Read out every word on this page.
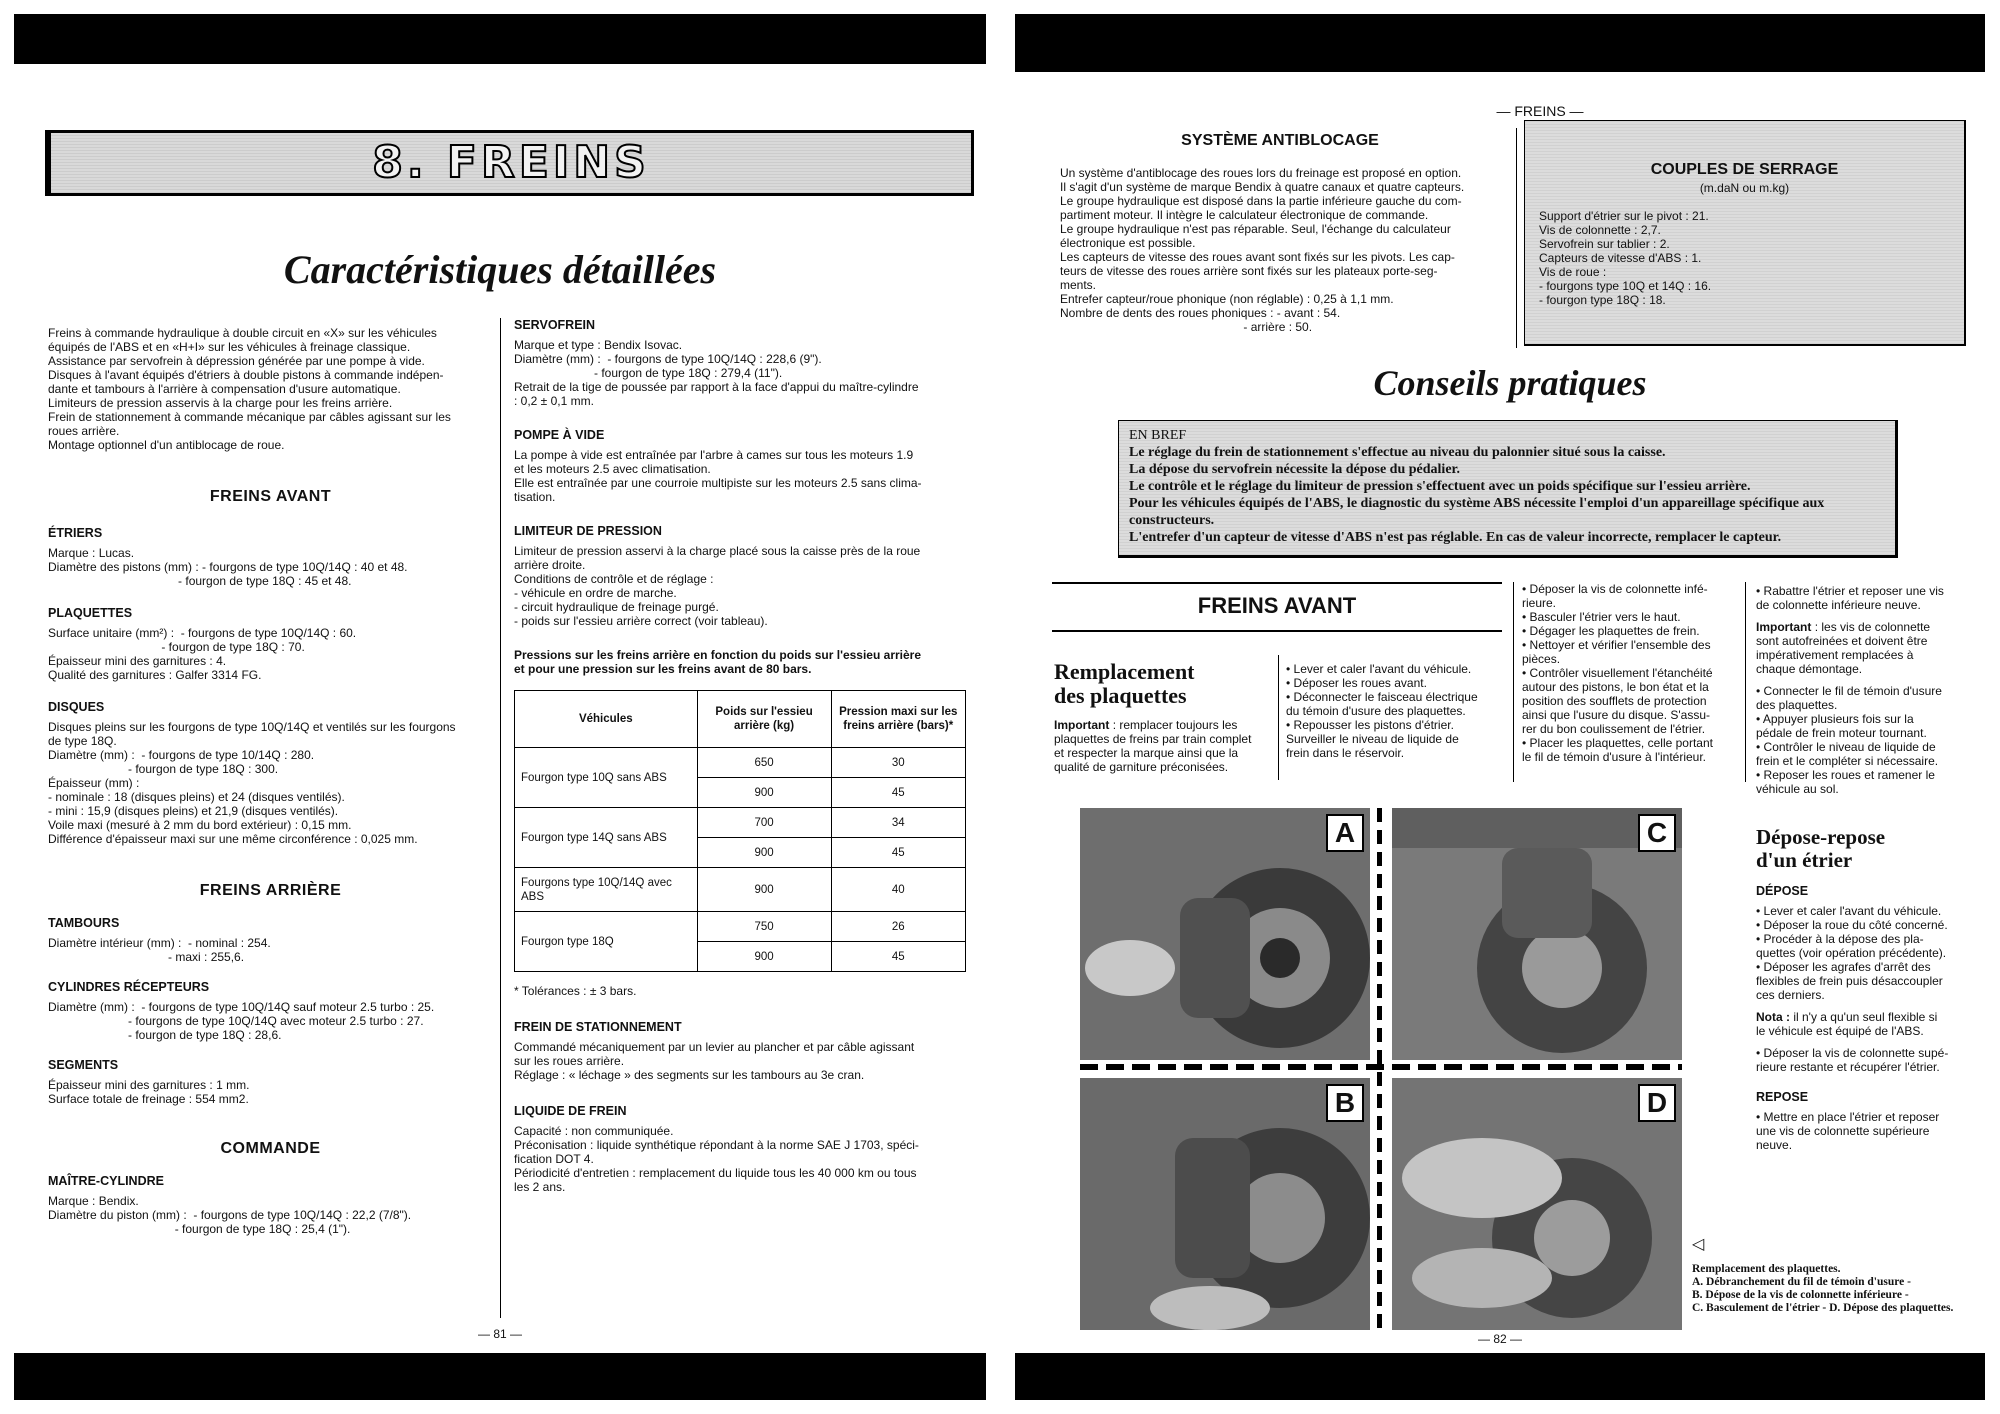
8. FREINS
Caractéristiques détaillées

Freins à commande hydraulique à double circuit en «X» sur les véhicules

équipés de l'ABS et en «H+I» sur les véhicules à freinage classique.

Assistance par servofrein à dépression générée par une pompe à vide.

Disques à l'avant équipés d'étriers à double pistons à commande indépen-

dante et tambours à l'arrière à compensation d'usure automatique.

Limiteurs de pression asservis à la charge pour les freins arrière.

Frein de stationnement à commande mécanique par câbles agissant sur les

roues arrière.

Montage optionnel d'un antiblocage de roue.

FREINS AVANT
ÉTRIERS

Marque : Lucas.

Diamètre des pistons (mm) : - fourgons de type 10Q/14Q : 40 et 48.

- fourgon de type 18Q : 45 et 48.

PLAQUETTES

Surface unitaire (mm²) :  - fourgons de type 10Q/14Q : 60.

- fourgon de type 18Q : 70.

Épaisseur mini des garnitures : 4.

Qualité des garnitures : Galfer 3314 FG.

DISQUES

Disques pleins sur les fourgons de type 10Q/14Q et ventilés sur les fourgons

de type 18Q.

Diamètre (mm) :  - fourgons de type 10/14Q : 280.

- fourgon de type 18Q : 300.

Épaisseur (mm) :

- nominale : 18 (disques pleins) et 24 (disques ventilés).

- mini : 15,9 (disques pleins) et 21,9 (disques ventilés).

Voile maxi (mesuré à 2 mm du bord extérieur) : 0,15 mm.

Différence d'épaisseur maxi sur une même circonférence : 0,025 mm.

FREINS ARRIÈRE
TAMBOURS

Diamètre intérieur (mm) :  - nominal : 254.

- maxi : 255,6.

CYLINDRES RÉCEPTEURS

Diamètre (mm) :  - fourgons de type 10Q/14Q sauf moteur 2.5 turbo : 25.

- fourgons de type 10Q/14Q avec moteur 2.5 turbo : 27.

- fourgon de type 18Q : 28,6.

SEGMENTS

Épaisseur mini des garnitures : 1 mm.

Surface totale de freinage : 554 mm2.

COMMANDE
MAÎTRE-CYLINDRE

Marque : Bendix.

Diamètre du piston (mm) :  - fourgons de type 10Q/14Q : 22,2 (7/8").

- fourgon de type 18Q : 25,4 (1").

SERVOFREIN

Marque et type : Bendix Isovac.

Diamètre (mm) :  - fourgons de type 10Q/14Q : 228,6 (9").

- fourgon de type 18Q : 279,4 (11").

Retrait de la tige de poussée par rapport à la face d'appui du maître-cylindre

: 0,2 ± 0,1 mm.

POMPE À VIDE

La pompe à vide est entraînée par l'arbre à cames sur tous les moteurs 1.9

et les moteurs 2.5 avec climatisation.

Elle est entraînée par une courroie multipiste sur les moteurs 2.5 sans clima-

tisation.

LIMITEUR DE PRESSION

Limiteur de pression asservi à la charge placé sous la caisse près de la roue

arrière droite.

Conditions de contrôle et de réglage :

- véhicule en ordre de marche.

- circuit hydraulique de freinage purgé.

- poids sur l'essieu arrière correct (voir tableau).

Pressions sur les freins arrière en fonction du poids sur l'essieu arrière

et pour une pression sur les freins avant de 80 bars.

Véhicules	Poids sur l'essieu arrière (kg)	Pression maxi sur les freins arrière (bars)*
Fourgon type 10Q sans ABS	650	30
	900	45
Fourgon type 14Q sans ABS	700	34
	900	45
Fourgons type 10Q/14Q avec ABS	900	40
Fourgon type 18Q	750	26
	900	45

* Tolérances : ± 3 bars.

FREIN DE STATIONNEMENT

Commandé mécaniquement par un levier au plancher et par câble agissant

sur les roues arrière.

Réglage : « léchage » des segments sur les tambours au 3e cran.

LIQUIDE DE FREIN

Capacité : non communiquée.

Préconisation : liquide synthétique répondant à la norme SAE J 1703, spéci-

fication DOT 4.

Périodicité d'entretien : remplacement du liquide tous les 40 000 km ou tous

les 2 ans.

— 81 —
— FREINS —
SYSTÈME ANTIBLOCAGE

Un système d'antiblocage des roues lors du freinage est proposé en option.

Il s'agit d'un système de marque Bendix à quatre canaux et quatre capteurs.

Le groupe hydraulique est disposé dans la partie inférieure gauche du com-

partiment moteur. Il intègre le calculateur électronique de commande.

Le groupe hydraulique n'est pas réparable. Seul, l'échange du calculateur

électronique est possible.

Les capteurs de vitesse des roues avant sont fixés sur les pivots. Les cap-

teurs de vitesse des roues arrière sont fixés sur les plateaux porte-seg-

ments.

Entrefer capteur/roue phonique (non réglable) : 0,25 à 1,1 mm.

Nombre de dents des roues phoniques : - avant : 54.

- arrière : 50.

COUPLES DE SERRAGE
(m.daN ou m.kg)

Support d'étrier sur le pivot : 21.

Vis de colonnette : 2,7.

Servofrein sur tablier : 2.

Capteurs de vitesse d'ABS : 1.

Vis de roue :

- fourgons type 10Q et 14Q : 16.

- fourgon type 18Q : 18.

Conseils pratiques

EN BREF

Le réglage du frein de stationnement s'effectue au niveau du palonnier situé sous la caisse.

La dépose du servofrein nécessite la dépose du pédalier.

Le contrôle et le réglage du limiteur de pression s'effectuent avec un poids spécifique sur l'essieu arrière.

Pour les véhicules équipés de l'ABS, le diagnostic du système ABS nécessite l'emploi d'un appareillage spécifique aux

constructeurs.

L'entrefer d'un capteur de vitesse d'ABS n'est pas réglable. En cas de valeur incorrecte, remplacer le capteur.

FREINS AVANT

Remplacement

des plaquettes

Important : remplacer toujours les

plaquettes de freins par train complet

et respecter la marque ainsi que la

qualité de garniture préconisées.

• Lever et caler l'avant du véhicule.

• Déposer les roues avant.

• Déconnecter le faisceau électrique

du témoin d'usure des plaquettes.

• Repousser les pistons d'étrier.

Surveiller le niveau de liquide de

frein dans le réservoir.

• Déposer la vis de colonnette infé-

rieure.

• Basculer l'étrier vers le haut.

• Dégager les plaquettes de frein.

• Nettoyer et vérifier l'ensemble des

pièces.

• Contrôler visuellement l'étanchéité

autour des pistons, le bon état et la

position des soufflets de protection

ainsi que l'usure du disque. S'assu-

rer du bon coulissement de l'étrier.

• Placer les plaquettes, celle portant

le fil de témoin d'usure à l'intérieur.

• Rabattre l'étrier et reposer une vis

de colonnette inférieure neuve.

Important : les vis de colonnette

sont autofreinées et doivent être

impérativement remplacées à

chaque démontage.

• Connecter le fil de témoin d'usure

des plaquettes.

• Appuyer plusieurs fois sur la

pédale de frein moteur tournant.

• Contrôler le niveau de liquide de

frein et le compléter si nécessaire.

• Reposer les roues et ramener le

véhicule au sol.

Dépose-repose

d'un étrier

DÉPOSE

• Lever et caler l'avant du véhicule.

• Déposer la roue du côté concerné.

• Procéder à la dépose des pla-

quettes (voir opération précédente).

• Déposer les agrafes d'arrêt des

flexibles de frein puis désaccoupler

ces derniers.

Nota : il n'y a qu'un seul flexible si

le véhicule est équipé de l'ABS.

• Déposer la vis de colonnette supé-

rieure restante et récupérer l'étrier.

REPOSE

• Mettre en place l'étrier et reposer

une vis de colonnette supérieure

neuve.

A	C
B	D

◁

Remplacement des plaquettes.

A. Débranchement du fil de témoin d'usure -

B. Dépose de la vis de colonnette inférieure -

C. Basculement de l'étrier - D. Dépose des plaquettes.

— 82 —
